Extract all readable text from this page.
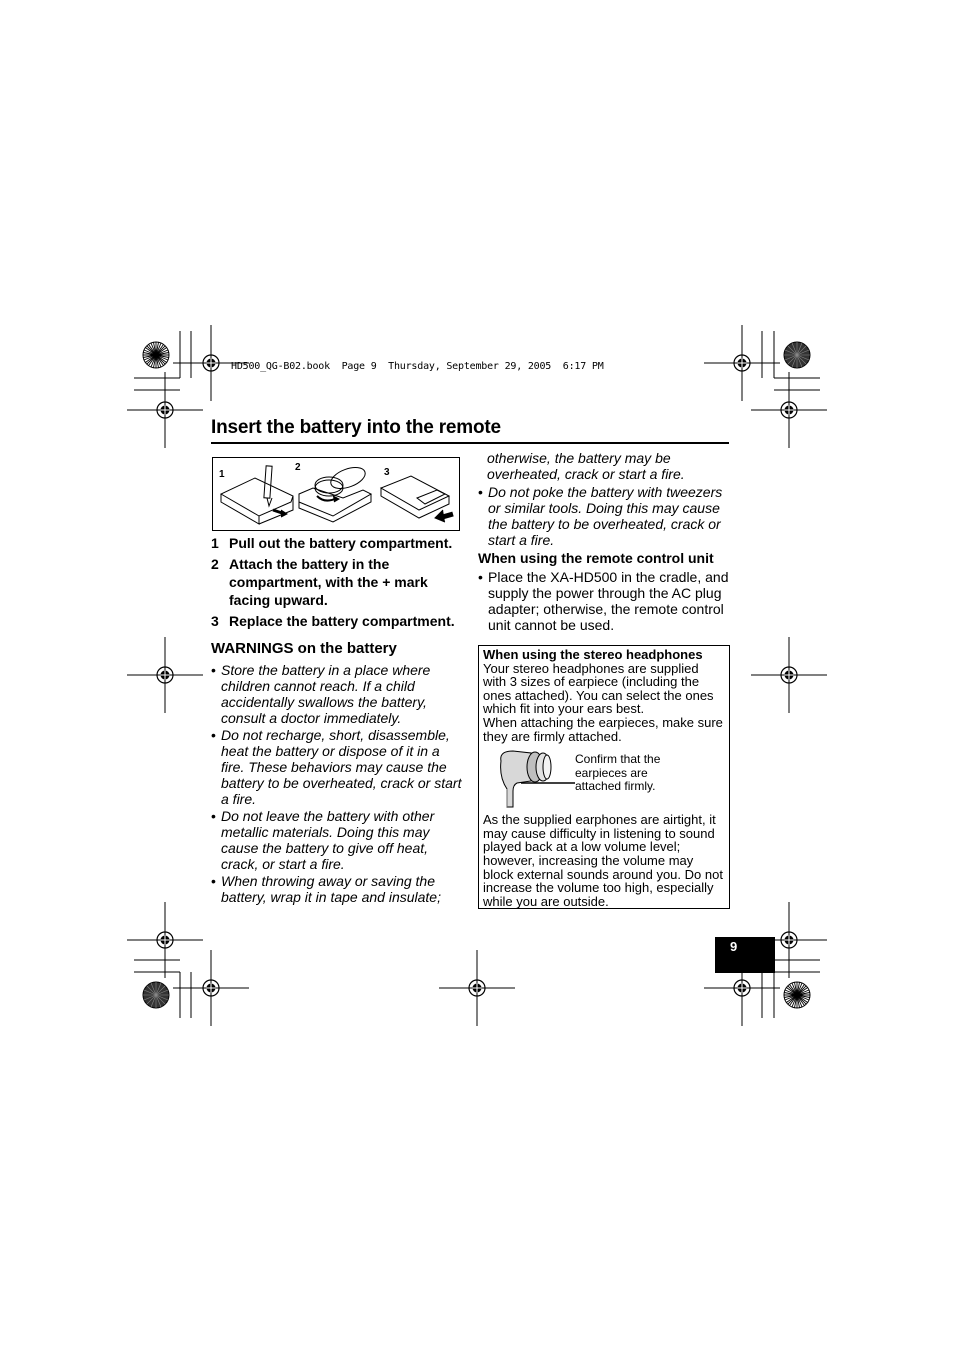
HD500_QG-B02.book  Page 9  Thursday, September 29, 2005  6:17 PM
Insert the battery into the remote
1
2	3
1 Pull out the battery compartment.
2 Attach the battery in the compartment, with the + mark facing upward.
3 Replace the battery compartment.
WARNINGS on the battery
• Store the battery in a place where children cannot reach. If a child accidentally swallows the battery, consult a doctor immediately.
• Do not recharge, short, disassemble, heat the battery or dispose of it in a fire. These behaviors may cause the battery to be overheated, crack or start a fire.
• Do not leave the battery with other metallic materials. Doing this may cause the battery to give off heat, crack, or start a fire.
• When throwing away or saving the battery, wrap it in tape and insulate;
otherwise, the battery may be overheated, crack or start a fire.
• Do not poke the battery with tweezers or similar tools. Doing this may cause the battery to be overheated, crack or start a fire.
When using the remote control unit
• Place the XA-HD500 in the cradle, and supply the power through the AC plug adapter; otherwise, the remote control unit cannot be used.
When using the stereo headphones
Your stereo headphones are supplied with 3 sizes of earpiece (including the ones attached). You can select the ones which fit into your ears best.
When attaching the earpieces, make sure they are firmly attached.
Confirm that the earpieces are attached firmly.
As the supplied earphones are airtight, it may cause difficulty in listening to sound played back at a low volume level; however, increasing the volume may block external sounds around you. Do not increase the volume too high, especially while you are outside.
9
